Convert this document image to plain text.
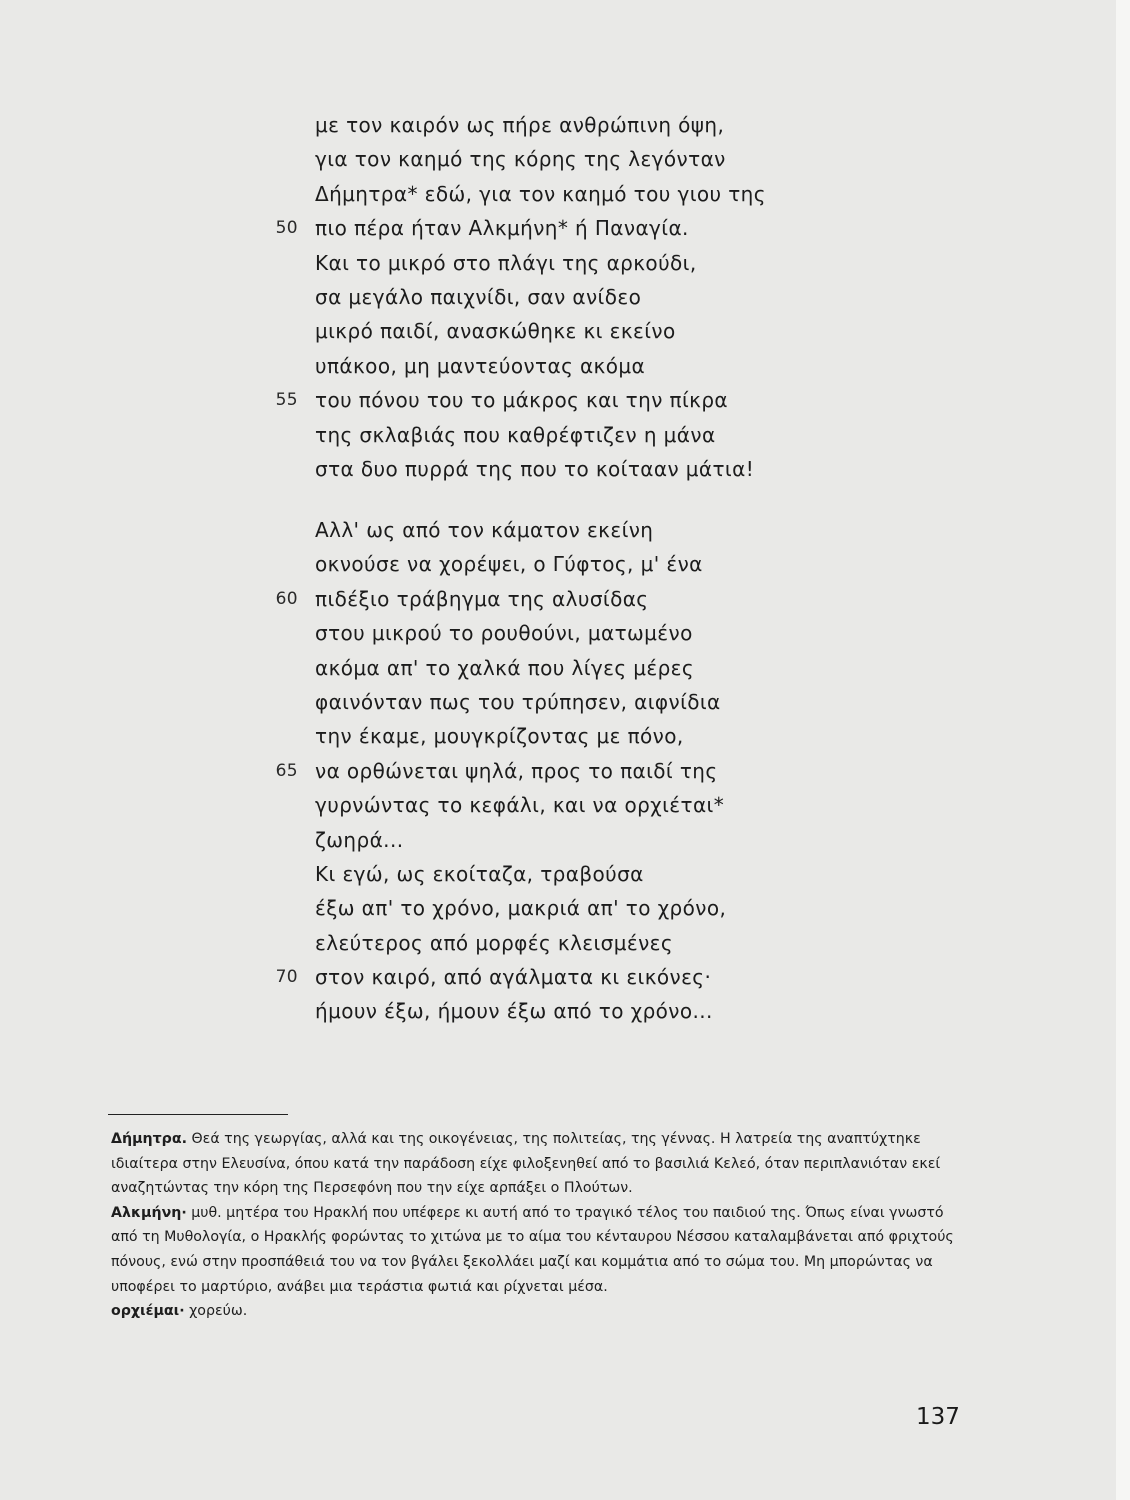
με τον καιρόν ως πήρε ανθρώπινη όψη,
για τον καημό της κόρης της λεγόνταν
Δήμητρα* εδώ, για τον καημό του γιου της
50 πιο πέρα ήταν Αλκμήνη* ή Παναγία.
Και το μικρό στο πλάγι της αρκούδι,
σα μεγάλο παιχνίδι, σαν ανίδεο
μικρό παιδί, ανασκώθηκε κι εκείνο
υπάκοο, μη μαντεύοντας ακόμα
55 του πόνου του το μάκρος και την πίκρα
της σκλαβιάς που καθρέφτιζεν η μάνα
στα δυο πυρρά της που το κοίτααν μάτια!
Αλλ' ως από τον κάματον εκείνη
οκνούσε να χορέψει, ο Γύφτος, μ' ένα
60 πιδέξιο τράβηγμα της αλυσίδας
στου μικρού το ρουθούνι, ματωμένο
ακόμα απ' το χαλκά που λίγες μέρες
φαινόνταν πως του τρύπησεν, αιφνίδια
την έκαμε, μουγκρίζοντας με πόνο,
65 να ορθώνεται ψηλά, προς το παιδί της
γυρνώντας το κεφάλι, και να ορχιέται*
ζωηρά...
Κι εγώ, ως εκοίταζα, τραβούσα
έξω απ' το χρόνο, μακριά απ' το χρόνο,
ελεύτερος από μορφές κλεισμένες
70 στον καιρό, από αγάλματα κι εικόνες·
ήμουν έξω, ήμουν έξω από το χρόνο...

Δήμητρα. Θεά της γεωργίας, αλλά και της οικογένειας, της πολιτείας, της γέννας. Η λατρεία της αναπτύχτηκε ιδιαίτερα στην Ελευσίνα, όπου κατά την παράδοση είχε φιλοξενηθεί από το βασιλιά Κελεό, όταν περιπλανιόταν εκεί αναζητώντας την κόρη της Περσεφόνη που την είχε αρπάξει ο Πλούτων.

Αλκμήνη· μυθ. μητέρα του Ηρακλή που υπέφερε κι αυτή από το τραγικό τέλος του παιδιού της. Όπως είναι γνωστό από τη Μυθολογία, ο Ηρακλής φορώντας το χιτώνα με το αίμα του κένταυρου Νέσσου καταλαμβάνεται από φριχτούς πόνους, ενώ στην προσπάθειά του να τον βγάλει ξεκολλάει μαζί και κομμάτια από το σώμα του. Μη μπορώντας να υποφέρει το μαρτύριο, ανάβει μια τεράστια φωτιά και ρίχνεται μέσα.

ορχιέμαι· χορεύω.

137
